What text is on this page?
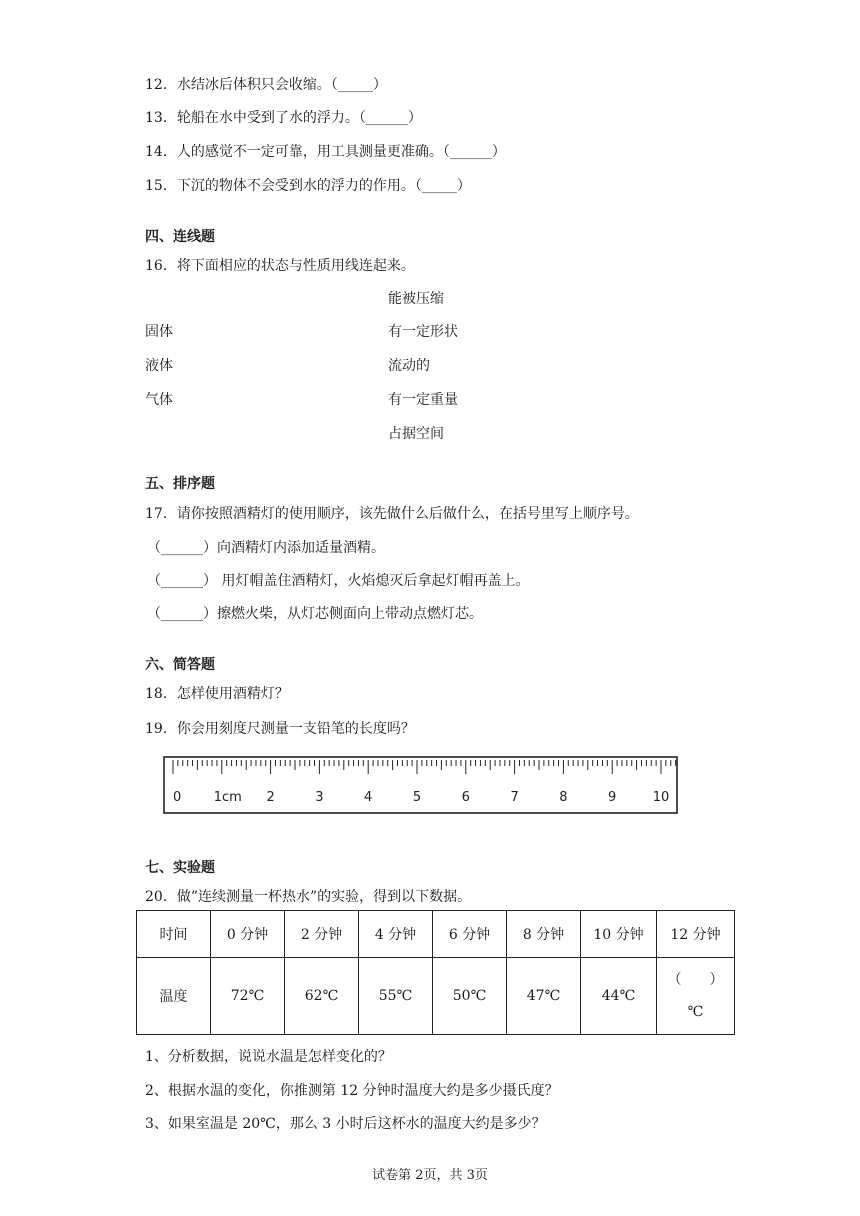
12．水结冰后体积只会收缩。（_____）
13．轮船在水中受到了水的浮力。（______）
14．人的感觉不一定可靠，用工具测量更准确。（______）
15．下沉的物体不会受到水的浮力的作用。（_____）
四、连线题
16．将下面相应的状态与性质用线连起来。
固体
液体
气体
能被压缩
有一定形状
流动的
有一定重量
占据空间
五、排序题
17．请你按照酒精灯的使用顺序，该先做什么后做什么，在括号里写上顺序号。
（______）向酒精灯内添加适量酒精。
（______） 用灯帽盖住酒精灯，火焰熄灭后拿起灯帽再盖上。
（______）擦燃火柴，从灯芯侧面向上带动点燃灯芯。
六、简答题
18．怎样使用酒精灯？
19．你会用刻度尺测量一支铅笔的长度吗？
0 1cm 2	3	4	5	6	7	8	9	10
七、实验题
20．做”连续测量一杯热水”的实验，得到以下数据。
时间	0 分钟	2 分钟	4 分钟	6 分钟	8 分钟	10 分钟	12 分钟
温度	72℃	62℃	55℃	50℃	47℃	44℃	（　　）
℃
1、分析数据，说说水温是怎样变化的？
2、根据水温的变化，你推测第 12 分钟时温度大约是多少摄氏度？
3、如果室温是 20℃，那么 3 小时后这杯水的温度大约是多少？
试卷第 2页，共 3页
